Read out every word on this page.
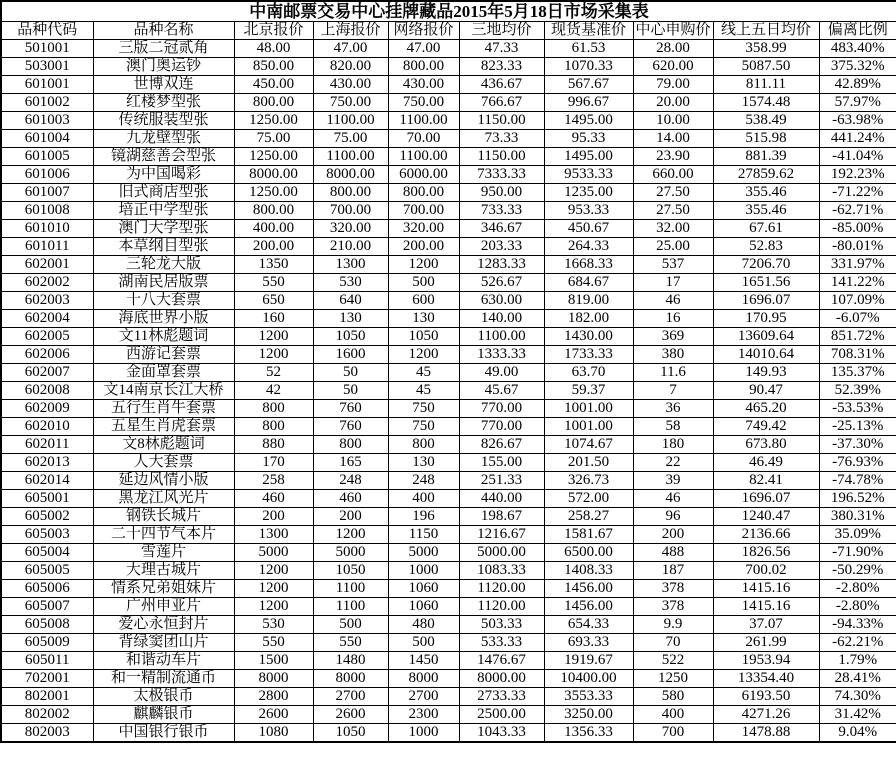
中南邮票交易中心挂牌藏品2015年5月18日市场采集表									
品种代码	品种名称	北京报价	上海报价	网络报价	三地均价	现货基准价	中心申购价	线上五日均价	偏离比例
501001	三版二冠贰角	48.00	47.00	47.00	47.33	61.53	28.00	358.99	483.40%
503001	澳门奥运钞	850.00	820.00	800.00	823.33	1070.33	620.00	5087.50	375.32%
601001	世博双连	450.00	430.00	430.00	436.67	567.67	79.00	811.11	42.89%
601002	红楼梦型张	800.00	750.00	750.00	766.67	996.67	20.00	1574.48	57.97%
601003	传统服装型张	1250.00	1100.00	1100.00	1150.00	1495.00	10.00	538.49	-63.98%
601004	九龙壁型张	75.00	75.00	70.00	73.33	95.33	14.00	515.98	441.24%
601005	镜湖慈善会型张	1250.00	1100.00	1100.00	1150.00	1495.00	23.90	881.39	-41.04%
601006	为中国喝彩	8000.00	8000.00	6000.00	7333.33	9533.33	660.00	27859.62	192.23%
601007	旧式商店型张	1250.00	800.00	800.00	950.00	1235.00	27.50	355.46	-71.22%
601008	培正中学型张	800.00	700.00	700.00	733.33	953.33	27.50	355.46	-62.71%
601010	澳门大学型张	400.00	320.00	320.00	346.67	450.67	32.00	67.61	-85.00%
601011	本草纲目型张	200.00	210.00	200.00	203.33	264.33	25.00	52.83	-80.01%
602001	三轮龙大版	1350	1300	1200	1283.33	1668.33	537	7206.70	331.97%
602002	湖南民居版票	550	530	500	526.67	684.67	17	1651.56	141.22%
602003	十八大套票	650	640	600	630.00	819.00	46	1696.07	107.09%
602004	海底世界小版	160	130	130	140.00	182.00	16	170.95	-6.07%
602005	文11林彪题词	1200	1050	1050	1100.00	1430.00	369	13609.64	851.72%
602006	西游记套票	1200	1600	1200	1333.33	1733.33	380	14010.64	708.31%
602007	金面罩套票	52	50	45	49.00	63.70	11.6	149.93	135.37%
602008	文14南京长江大桥	42	50	45	45.67	59.37	7	90.47	52.39%
602009	五行生肖牛套票	800	760	750	770.00	1001.00	36	465.20	-53.53%
602010	五星生肖虎套票	800	760	750	770.00	1001.00	58	749.42	-25.13%
602011	文8林彪题词	880	800	800	826.67	1074.67	180	673.80	-37.30%
602013	人大套票	170	165	130	155.00	201.50	22	46.49	-76.93%
602014	延边风情小版	258	248	248	251.33	326.73	39	82.41	-74.78%
605001	黑龙江风光片	460	460	400	440.00	572.00	46	1696.07	196.52%
605002	钢铁长城片	200	200	196	198.67	258.27	96	1240.47	380.31%
605003	二十四节气本片	1300	1200	1150	1216.67	1581.67	200	2136.66	35.09%
605004	雪莲片	5000	5000	5000	5000.00	6500.00	488	1826.56	-71.90%
605005	大理古城片	1200	1050	1000	1083.33	1408.33	187	700.02	-50.29%
605006	情系兄弟姐妹片	1200	1100	1060	1120.00	1456.00	378	1415.16	-2.80%
605007	广州申亚片	1200	1100	1060	1120.00	1456.00	378	1415.16	-2.80%
605008	爱心永恒封片	530	500	480	503.33	654.33	9.9	37.07	-94.33%
605009	背绿窦团山片	550	550	500	533.33	693.33	70	261.99	-62.21%
605011	和谐动车片	1500	1480	1450	1476.67	1919.67	522	1953.94	1.79%
702001	和一精制流通币	8000	8000	8000	8000.00	10400.00	1250	13354.40	28.41%
802001	太极银币	2800	2700	2700	2733.33	3553.33	580	6193.50	74.30%
802002	麒麟银币	2600	2600	2300	2500.00	3250.00	400	4271.26	31.42%
802003	中国银行银币	1080	1050	1000	1043.33	1356.33	700	1478.88	9.04%
